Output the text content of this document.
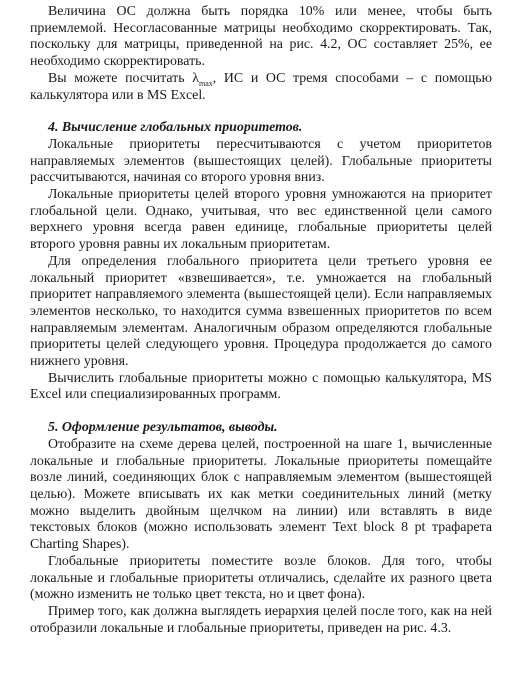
Величина ОС должна быть порядка 10% или менее, чтобы быть приемлемой. Несогласованные матрицы необходимо скорректировать. Так, поскольку для матрицы, приведенной на рис. 4.2, ОС составляет 25%, ее необходимо скорректировать.

Вы можете посчитать $\lambda_{max}$, ИС и ОС тремя способами – с помощью калькулятора или в MS Excel.

4. Вычисление глобальных приоритетов.

Локальные приоритеты пересчитываются с учетом приоритетов направляемых элементов (вышестоящих целей). Глобальные приоритеты рассчитываются, начиная со второго уровня вниз.

Локальные приоритеты целей второго уровня умножаются на приоритет глобальной цели. Однако, учитывая, что вес единственной цели самого верхнего уровня всегда равен единице, глобальные приоритеты целей второго уровня равны их локальным приоритетам.

Для определения глобального приоритета цели третьего уровня ее локальный приоритет «взвешивается», т.е. умножается на глобальный приоритет направляемого элемента (вышестоящей цели). Если направляемых элементов несколько, то находится сумма взвешенных приоритетов по всем направляемым элементам. Аналогичным образом определяются глобальные приоритеты целей следующего уровня. Процедура продолжается до самого нижнего уровня.

Вычислить глобальные приоритеты можно с помощью калькулятора, MS Excel или специализированных программ.

5. Оформление результатов, выводы.

Отобразите на схеме дерева целей, построенной на шаге 1, вычисленные локальные и глобальные приоритеты. Локальные приоритеты помещайте возле линий, соединяющих блок с направляемым элементом (вышестоящей целью). Можете вписывать их как метки соединительных линий (метку можно выделить двойным щелчком на линии) или вставлять в виде текстовых блоков (можно использовать элемент Text block 8 pt трафарета Charting Shapes).

Глобальные приоритеты поместите возле блоков. Для того, чтобы локальные и глобальные приоритеты отличались, сделайте их разного цвета (можно изменить не только цвет текста, но и цвет фона).

Пример того, как должна выглядеть иерархия целей после того, как на ней отобразили локальные и глобальные приоритеты, приведен на рис. 4.3.
